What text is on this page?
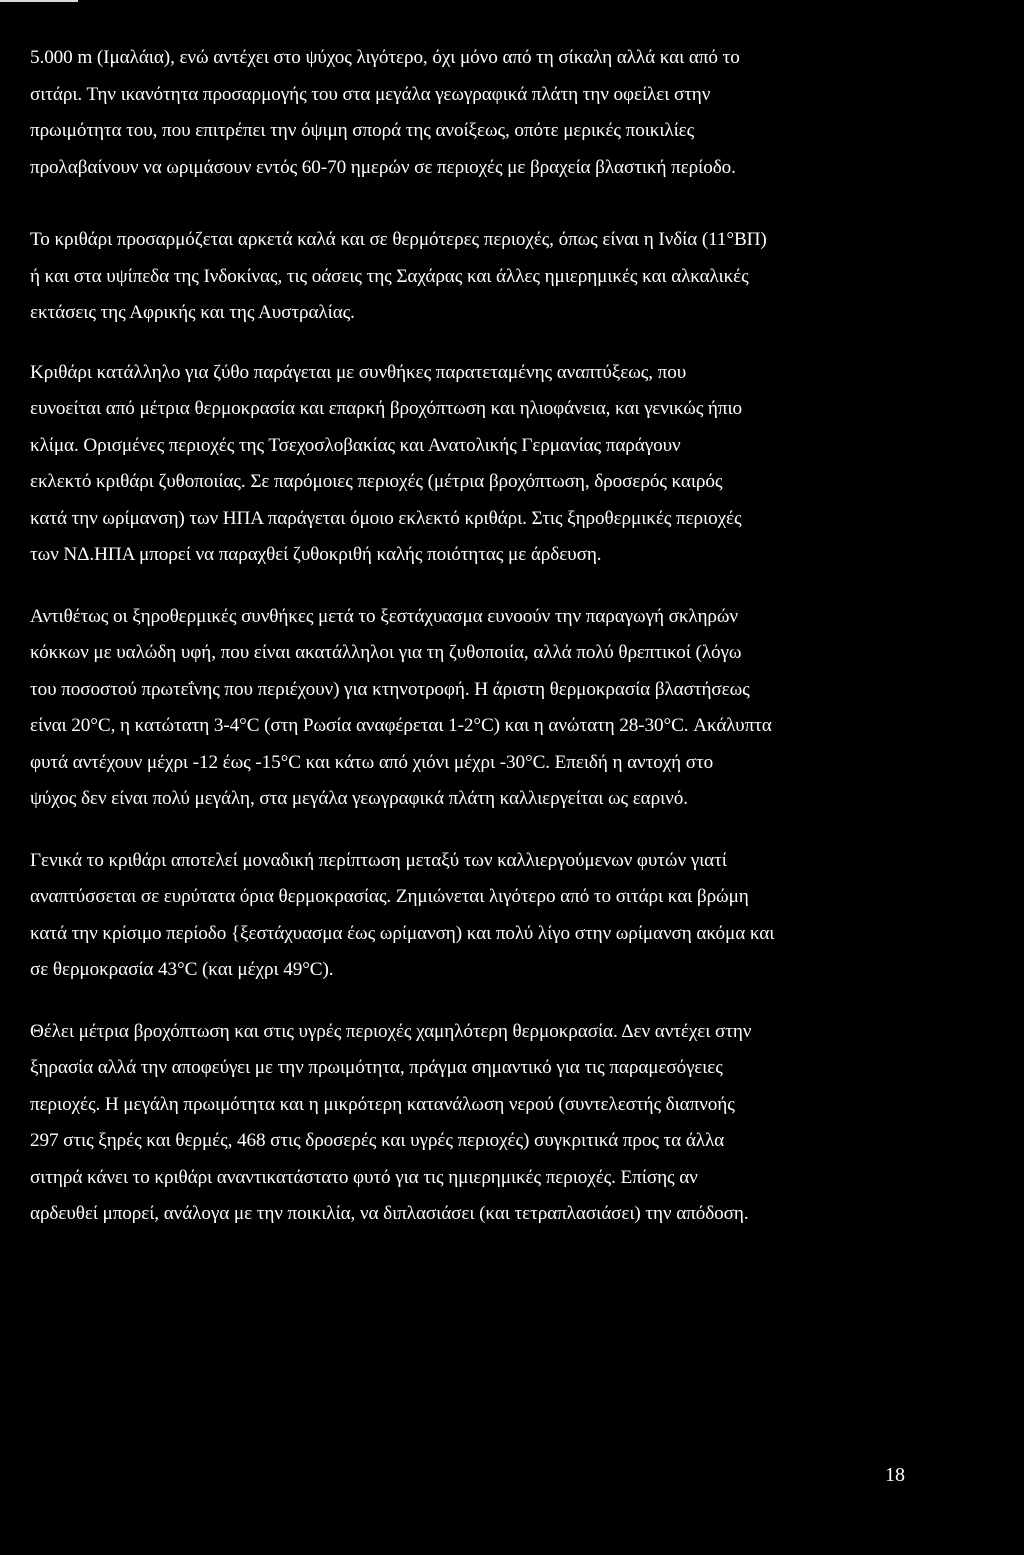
5.000 m (Ιμαλάια), ενώ αντέχει στο ψύχος λιγότερο, όχι μόνο από τη σίκαλη αλλά και από το
σιτάρι. Την ικανότητα προσαρμογής του στα μεγάλα γεωγραφικά πλάτη την οφείλει στην
πρωιμότητα του, που επιτρέπει την όψιμη σπορά της ανοίξεως, οπότε μερικές ποικιλίες
προλαβαίνουν να ωριμάσουν εντός 60-70 ημερών σε περιοχές με βραχεία βλαστική περίοδο.

Το κριθάρι προσαρμόζεται αρκετά καλά και σε θερμότερες περιοχές, όπως είναι η Ινδία (11°ΒΠ)
ή και στα υψίπεδα της Ινδοκίνας, τις οάσεις της Σαχάρας και άλλες ημιερημικές και αλκαλικές
εκτάσεις της Αφρικής και της Αυστραλίας.

Κριθάρι κατάλληλο για ζύθο παράγεται με συνθήκες παρατεταμένης αναπτύξεως, που
ευνοείται από μέτρια θερμοκρασία και επαρκή βροχόπτωση και ηλιοφάνεια, και γενικώς ήπιο
κλίμα. Ορισμένες περιοχές της Τσεχοσλοβακίας και Ανατολικής Γερμανίας παράγουν
εκλεκτό κριθάρι ζυθοποιίας. Σε παρόμοιες περιοχές (μέτρια βροχόπτωση, δροσερός καιρός
κατά την ωρίμανση) των ΗΠΑ παράγεται όμοιο εκλεκτό κριθάρι. Στις ξηροθερμικές περιοχές
των ΝΔ.ΗΠΑ μπορεί να παραχθεί ζυθοκριθή καλής ποιότητας με άρδευση.

Αντιθέτως οι ξηροθερμικές συνθήκες μετά το ξεστάχυασμα ευνοούν την παραγωγή σκληρών
κόκκων με υαλώδη υφή, που είναι ακατάλληλοι για τη ζυθοποιία, αλλά πολύ θρεπτικοί (λόγω
του ποσοστού πρωτεΐνης που περιέχουν) για κτηνοτροφή. Η άριστη θερμοκρασία βλαστήσεως
είναι 20°C, η κατώτατη 3-4°C (στη Ρωσία αναφέρεται 1-2°C) και η ανώτατη 28-30°C. Ακάλυπτα
φυτά αντέχουν μέχρι -12 έως -15°C και κάτω από χιόνι μέχρι -30°C. Επειδή η αντοχή στο
ψύχος δεν είναι πολύ μεγάλη, στα μεγάλα γεωγραφικά πλάτη καλλιεργείται ως εαρινό.

Γενικά το κριθάρι αποτελεί μοναδική περίπτωση μεταξύ των καλλιεργούμενων φυτών γιατί
αναπτύσσεται σε ευρύτατα όρια θερμοκρασίας. Ζημιώνεται λιγότερο από το σιτάρι και βρώμη
κατά την κρίσιμο περίοδο {ξεστάχυασμα έως ωρίμανση) και πολύ λίγο στην ωρίμανση ακόμα και
σε θερμοκρασία 43°C (και μέχρι 49°C).

Θέλει μέτρια βροχόπτωση και στις υγρές περιοχές χαμηλότερη θερμοκρασία. Δεν αντέχει στην
ξηρασία αλλά την αποφεύγει με την πρωιμότητα, πράγμα σημαντικό για τις παραμεσόγειες
περιοχές. Η μεγάλη πρωιμότητα και η μικρότερη κατανάλωση νερού (συντελεστής διαπνοής
297 στις ξηρές και θερμές, 468 στις δροσερές και υγρές περιοχές) συγκριτικά προς τα άλλα
σιτηρά κάνει το κριθάρι αναντικατάστατο φυτό για τις ημιερημικές περιοχές. Επίσης αν
αρδευθεί μπορεί, ανάλογα με την ποικιλία, να διπλασιάσει (και τετραπλασιάσει) την απόδοση.

18
